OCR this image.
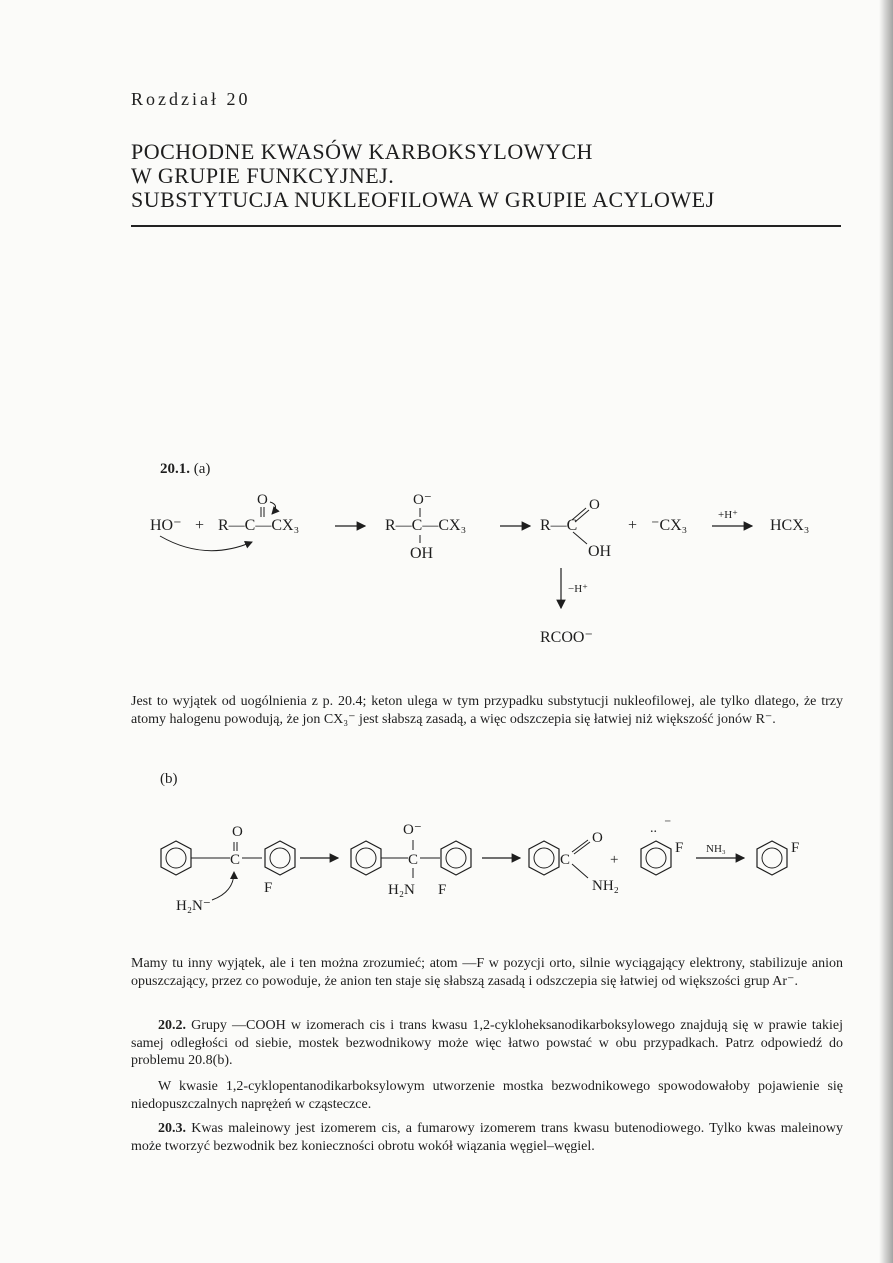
Rozdział 20
POCHODNE KWASÓW KARBOKSYLOWYCH
W GRUPIE FUNKCYJNEJ.
SUBSTYTUCJA NUKLEOFILOWA W GRUPIE ACYLOWEJ
20.1. (a)
HO⁻ + R—C—CX₃
O
R—C—CX₃
O⁻
OH
R—C
O
OH
+ ⁻CX₃
+H⁺
HCX₃
−H⁺
RCOO⁻
Jest to wyjątek od uogólnienia z p. 20.4; keton ulega w tym przypadku substytucji nukleofilowej, ale tylko dlatego, że trzy atomy halogenu powodują, że jon CX₃⁻ jest słabszą zasadą, a więc odszczepia się łatwiej niż większość jonów R⁻.
(b)
C
O
F
H₂N⁻
C
O⁻
H₂N F
C
O
NH₂
+
.. ⁻
F NH₃	F
Mamy tu inny wyjątek, ale i ten można zrozumieć; atom —F w pozycji orto, silnie wyciągający elektrony, stabilizuje anion opuszczający, przez co powoduje, że anion ten staje się słabszą zasadą i odszczepia się łatwiej od większości grup Ar⁻.
20.2. Grupy —COOH w izomerach cis i trans kwasu 1,2-cykloheksanodikarboksylowego znajdują się w prawie takiej samej odległości od siebie, mostek bezwodnikowy może więc łatwo powstać w obu przypadkach. Patrz odpowiedź do problemu 20.8(b).
W kwasie 1,2-cyklopentanodikarboksylowym utworzenie mostka bezwodnikowego spowodowałoby pojawienie się niedopuszczalnych naprężeń w cząsteczce.
20.3. Kwas maleinowy jest izomerem cis, a fumarowy izomerem trans kwasu butenodiowego. Tylko kwas maleinowy może tworzyć bezwodnik bez konieczności obrotu wokół wiązania węgiel–węgiel.
